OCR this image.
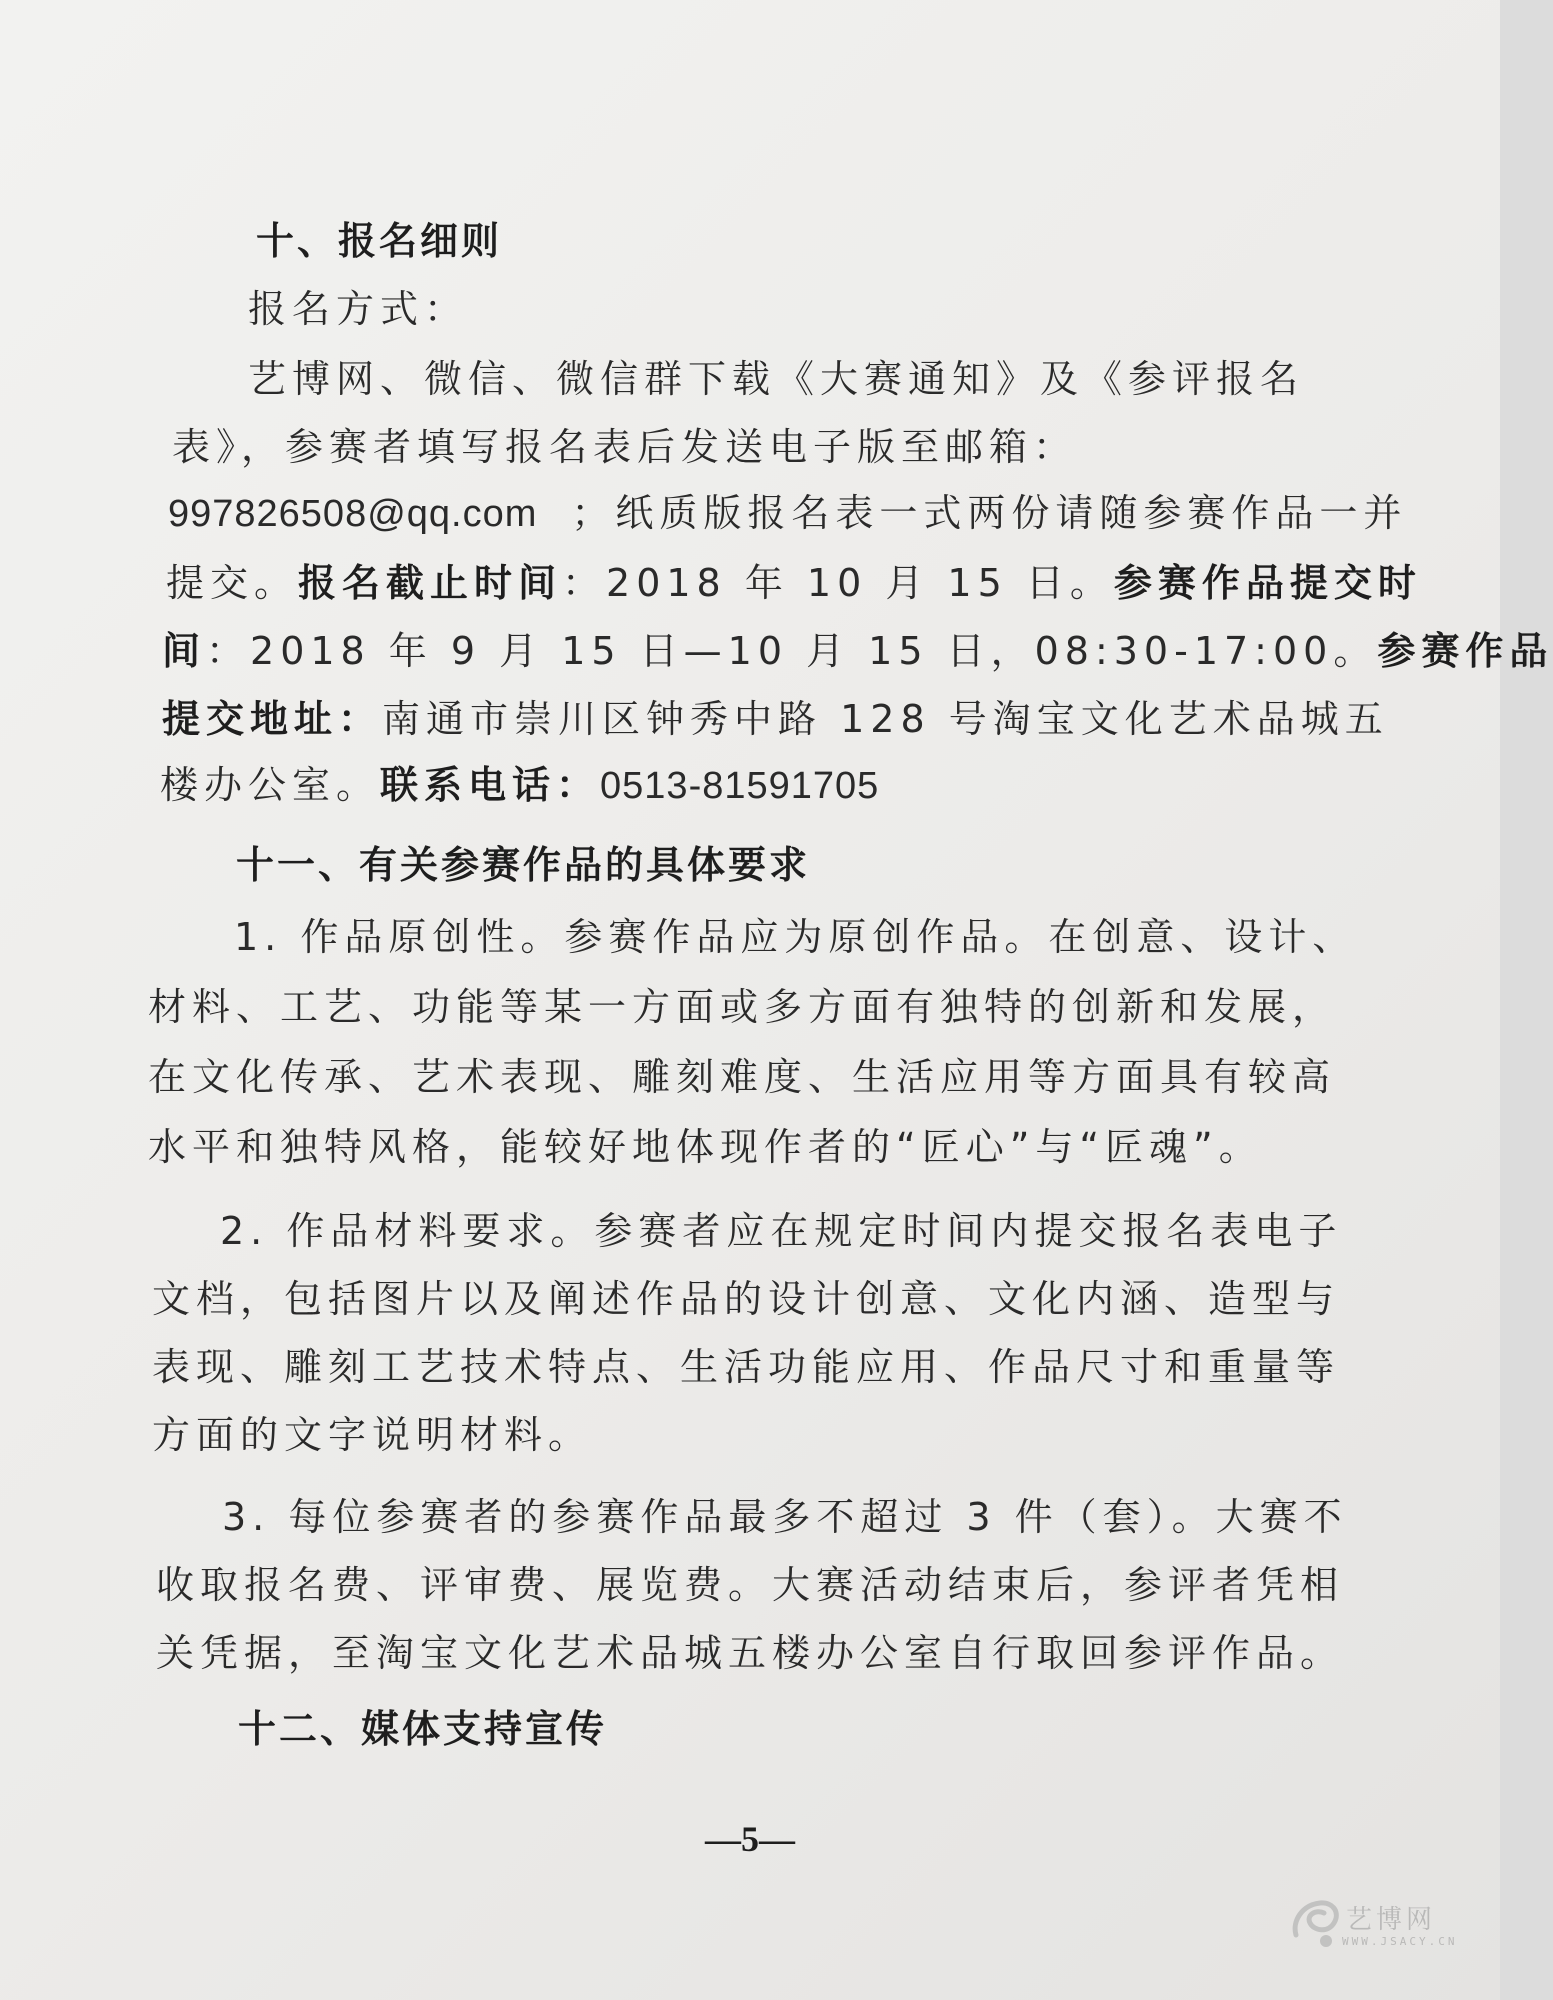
十、报名细则
报名方式：
艺博网、微信、微信群下载《大赛通知》及《参评报名
表》，参赛者填写报名表后发送电子版至邮箱：
997826508@qq.com ；纸质版报名表一式两份请随参赛作品一并
提交。报名截止时间：2018 年 10 月 15 日。参赛作品提交时
间：2018 年 9 月 15 日—10 月 15 日，08:30-17:00。参赛作品
提交地址：南通市崇川区钟秀中路 128 号淘宝文化艺术品城五
楼办公室。联系电话：0513-81591705
十一、有关参赛作品的具体要求
1. 作品原创性。参赛作品应为原创作品。在创意、设计、
材料、工艺、功能等某一方面或多方面有独特的创新和发展，
在文化传承、艺术表现、雕刻难度、生活应用等方面具有较高
水平和独特风格，能较好地体现作者的“匠心”与“匠魂”。
2. 作品材料要求。参赛者应在规定时间内提交报名表电子
文档，包括图片以及阐述作品的设计创意、文化内涵、造型与
表现、雕刻工艺技术特点、生活功能应用、作品尺寸和重量等
方面的文字说明材料。
3. 每位参赛者的参赛作品最多不超过 3 件（套）。大赛不
收取报名费、评审费、展览费。大赛活动结束后，参评者凭相
关凭据，至淘宝文化艺术品城五楼办公室自行取回参评作品。
十二、媒体支持宣传
—5—
艺博网
WWW.JSACY.CN
